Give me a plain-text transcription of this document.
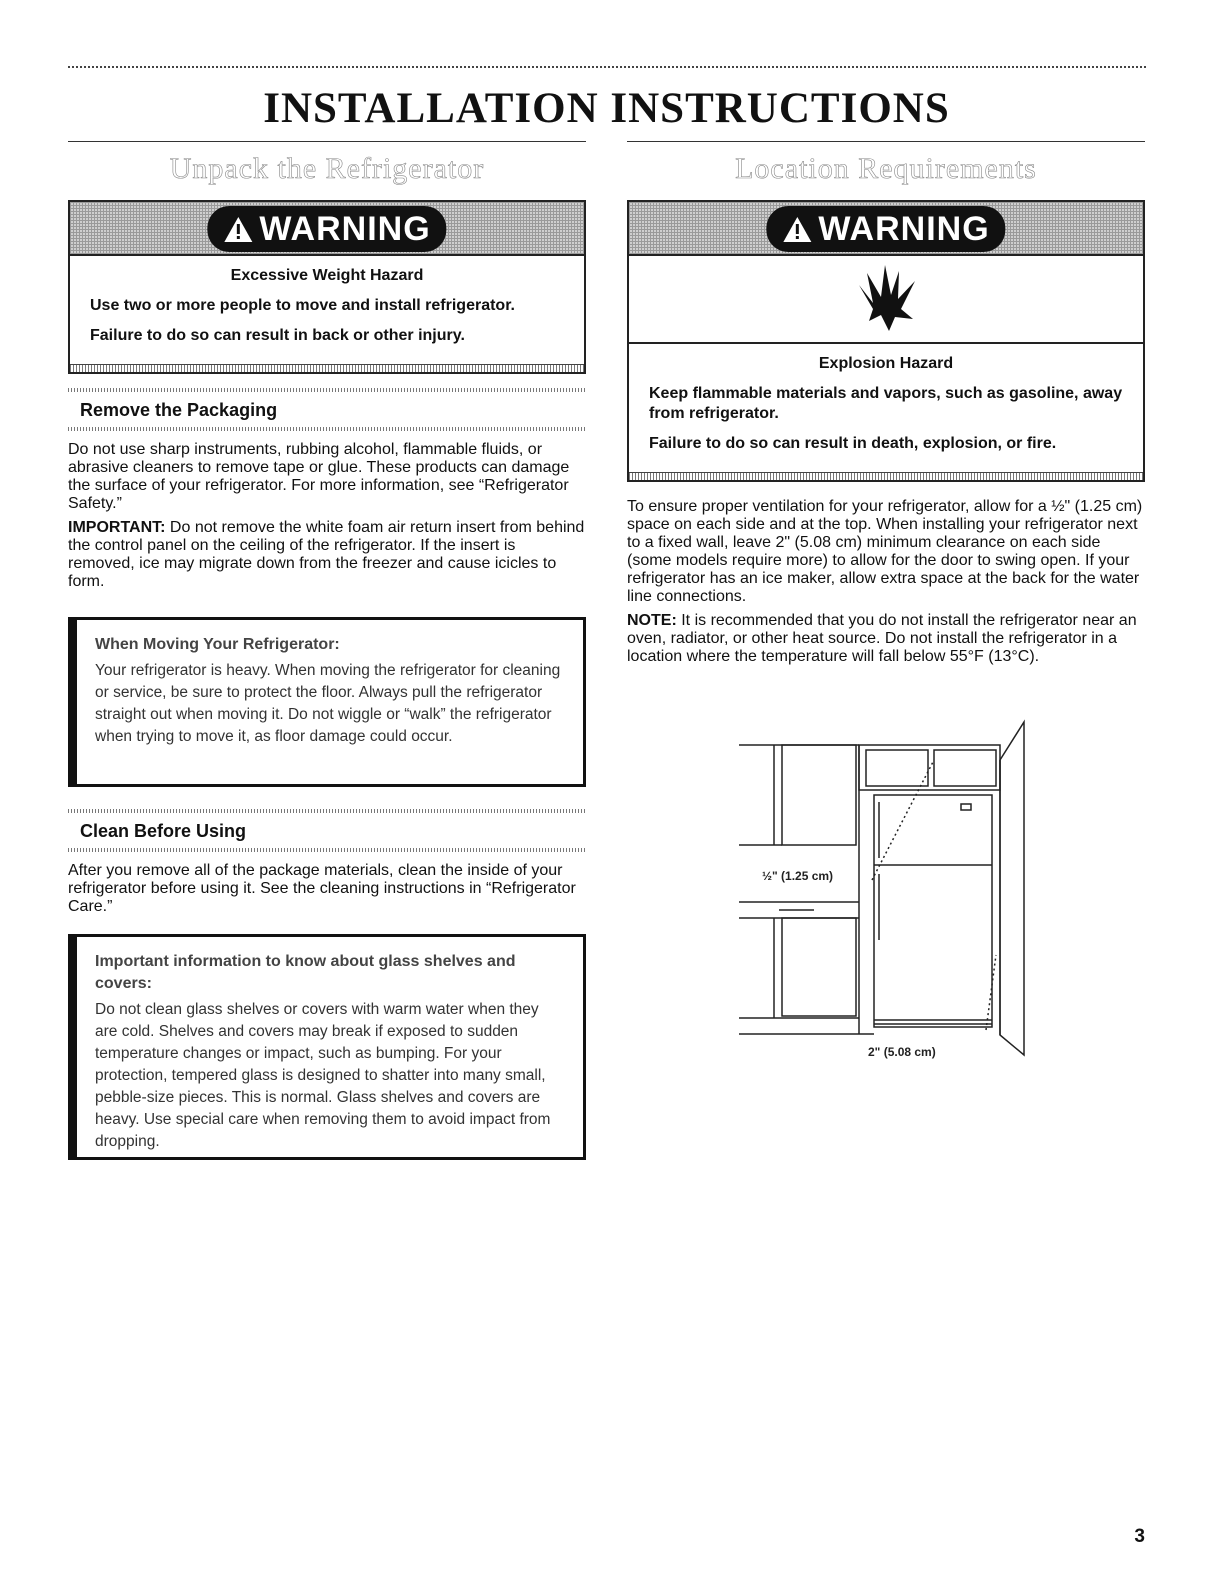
INSTALLATION INSTRUCTIONS
Unpack the Refrigerator
WARNING
Excessive Weight Hazard

Use two or more people to move and install refrigerator.

Failure to do so can result in back or other injury.

Remove the Packaging

Do not use sharp instruments, rubbing alcohol, flammable fluids, or abrasive cleaners to remove tape or glue. These products can damage the surface of your refrigerator. For more information, see “Refrigerator Safety.”

IMPORTANT: Do not remove the white foam air return insert from behind the control panel on the ceiling of the refrigerator. If the insert is removed, ice may migrate down from the freezer and cause icicles to form.

When Moving Your Refrigerator:

Your refrigerator is heavy. When moving the refrigerator for cleaning or service, be sure to protect the floor. Always pull the refrigerator straight out when moving it. Do not wiggle or “walk” the refrigerator when trying to move it, as floor damage could occur.

Clean Before Using

After you remove all of the package materials, clean the inside of your refrigerator before using it. See the cleaning instructions in “Refrigerator Care.”

Important information to know about glass shelves and covers:

Do not clean glass shelves or covers with warm water when they are cold. Shelves and covers may break if exposed to sudden temperature changes or impact, such as bumping. For your protection, tempered glass is designed to shatter into many small, pebble-size pieces. This is normal. Glass shelves and covers are heavy. Use special care when removing them to avoid impact from dropping.

Location Requirements
WARNING
Explosion Hazard

Keep flammable materials and vapors, such as gasoline, away from refrigerator.

Failure to do so can result in death, explosion, or fire.

To ensure proper ventilation for your refrigerator, allow for a ½" (1.25 cm) space on each side and at the top. When installing your refrigerator next to a fixed wall, leave 2" (5.08 cm) minimum clearance on each side (some models require more) to allow for the door to swing open. If your refrigerator has an ice maker, allow extra space at the back for the water line connections.

NOTE: It is recommended that you do not install the refrigerator near an oven, radiator, or other heat source. Do not install the refrigerator in a location where the temperature will fall below 55°F (13°C).

½" (1.25 cm)
2" (5.08 cm)
3
